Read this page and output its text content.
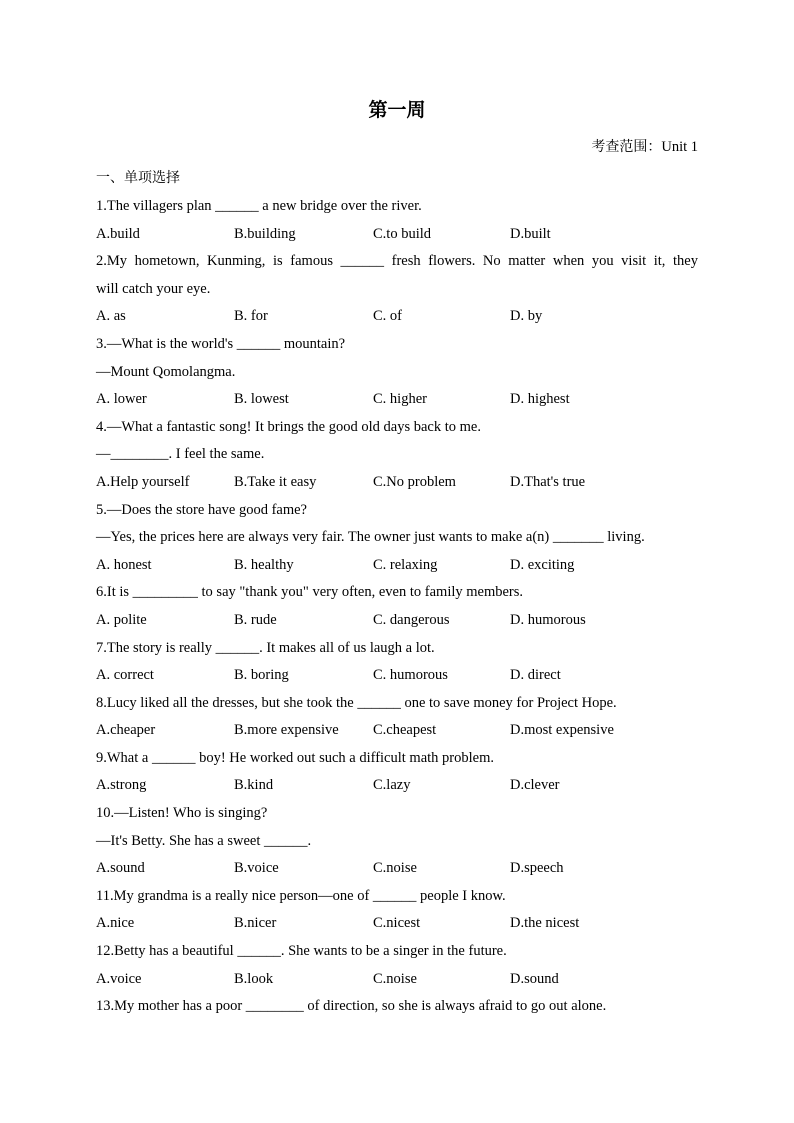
第一周
考查范围：Unit 1
一、单项选择
1.The villagers plan ______ a new bridge over the river.
A.build	B.building	C.to build	D.built
2.My hometown, Kunming, is famous ______ fresh flowers. No matter when you visit it, they
will catch your eye.
A. as	B. for	C. of	D. by
3.—What is the world's ______ mountain?
—Mount Qomolangma.
A. lower	B. lowest	C. higher	D. highest
4.—What a fantastic song! It brings the good old days back to me.
—________. I feel the same.
A.Help yourself	B.Take it easy	C.No problem	D.That's true
5.—Does the store have good fame?
—Yes, the prices here are always very fair. The owner just wants to make a(n) _______ living.
A. honest	B. healthy	C. relaxing	D. exciting
6.It is _________ to say "thank you" very often, even to family members.
A. polite	B. rude	C. dangerous	D. humorous
7.The story is really ______. It makes all of us laugh a lot.
A. correct	B. boring	C. humorous	D. direct
8.Lucy liked all the dresses, but she took the ______ one to save money for Project Hope.
A.cheaper	B.more expensive C.cheapest	D.most expensive
9.What a ______ boy! He worked out such a difficult math problem.
A.strong	B.kind	C.lazy	D.clever
10.—Listen! Who is singing?
—It's Betty. She has a sweet ______.
A.sound	B.voice	C.noise	D.speech
11.My grandma is a really nice person—one of ______ people I know.
A.nice	B.nicer	C.nicest	D.the nicest
12.Betty has a beautiful ______. She wants to be a singer in the future.
A.voice	B.look	C.noise	D.sound
13.My mother has a poor ________ of direction, so she is always afraid to go out alone.
